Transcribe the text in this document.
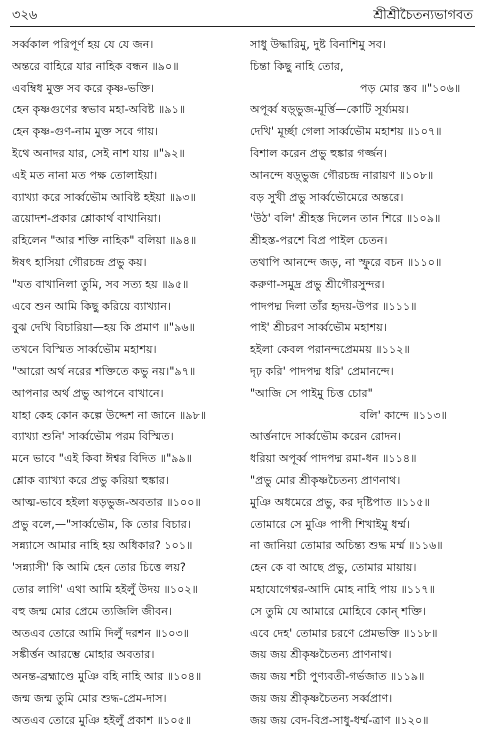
৩২৬	শ্রীশ্রীচৈতন্যভাগবত
সর্ব্বকাল পরিপূর্ণ হয় যে যে জন।
অন্তরে বাহিরে যার নাহিক বন্ধন ॥৯০॥
এবম্বিধ মুক্ত সব করে কৃষ্ণ-ভক্তি।
হেন কৃষ্ণগুণের স্বভাব মহা-অবিষ্ট ॥৯১॥
হেন কৃষ্ণ-গুণ-নাম মুক্ত সবে গায়।
ইথে অনাদর যার, সেই নাশ যায় ॥"৯২॥
এই মত নানা মত পক্ষ তোলাইয়া।
ব্যাখ্যা করে সার্ব্বভৌম আবিষ্ট হইয়া ॥৯৩॥
ত্রয়োদশ-প্রকার শ্লোকার্থ বাখানিয়া।
রহিলেন "আর শক্তি নাহিক" বলিয়া ॥৯৪॥
ঈষৎ হাসিয়া গৌরচন্দ্র প্রভু কয়।
"যত বাখানিলা তুমি, সব সত্য হয় ॥৯৫॥
এবে শুন আমি কিছু করিয়ে ব্যাখ্যান।
বুঝ দেখি বিচারিয়া—হয় কি প্রমাণ ॥"৯৬॥
তখনে বিস্মিত সার্ব্বভৌম মহাশয়।
"আরো অর্থ নরের শক্তিতে কভু নয়।"৯৭॥
আপনার অর্থ প্রভু আপনে বাখানে।
যাহা কেহ কোন কল্পে উদ্দেশ না জানে ॥৯৮॥
ব্যাখ্যা শুনি' সার্ব্বভৌম পরম বিস্মিত।
মনে ভাবে "এই কিবা ঈশ্বর বিদিত ॥"৯৯॥
শ্লোক ব্যাখ্যা করে প্রভু করিয়া হুঙ্কার।
আত্ম-ভাবে হইলা ষড়ভুজ-অবতার ॥১০০॥
প্রভু বলে,—"সার্ব্বভৌম, কি তোর বিচার।
সন্ন্যাসে আমার নাহি হয় অধিকার? ১০১॥
'সন্ন্যাসী' কি আমি হেন তোর চিত্তে লয়?
তোর লাগি' এথা আমি হইলুঁ উদয় ॥১০২॥
বহু জন্ম মোর প্রেমে ত্যজিলি জীবন।
অতএব তোরে আমি দিলুঁ দরশন ॥১০৩॥
সঙ্কীর্ত্তন আরম্ভে মোহার অবতার।
অনন্ত-ব্রহ্মাণ্ডে মুঞি বহি নাহি আর ॥১০৪॥
জন্ম জন্ম তুমি মোর শুদ্ধ-প্রেম-দাস।
অতএব তোরে মুঞি হইলুঁ প্রকাশ ॥১০৫॥
সাধু উদ্ধারিমু, দুষ্ট বিনাশিমু সব।
চিন্তা কিছু নাহি তোর,
পড় মোর স্তব ॥"১০৬॥
অপূর্ব্ব ষড়্ভুজ-মূর্ত্তি—কোটি সূর্য্যময়।
দেখি' মূর্চ্ছা গেলা সার্ব্বভৌম মহাশয় ॥১০৭॥
বিশাল করেন প্রভু হুঙ্কার গর্জ্জন।
আনন্দে ষড়্ভুজ গৌরচন্দ্র নারায়ণ ॥১০৮॥
বড় সুখী প্রভু সার্ব্বভৌমেরে অন্তরে।
'উঠ' বলি' শ্রীহস্ত দিলেন তান শিরে ॥১০৯॥
শ্রীহস্ত-পরশে বিপ্র পাইল চেতন।
তথাপি আনন্দে জড়, না স্ফুরে বচন ॥১১০॥
করুণা-সমুদ্র প্রভু শ্রীগৌরসুন্দর।
পাদপদ্ম দিলা তাঁর হৃদয়-উপর ॥১১১॥
পাই' শ্রীচরণ সার্ব্বভৌম মহাশয়।
হইলা কেবল পরানন্দপ্রেমময় ॥১১২॥
দৃঢ় করি' পাদপদ্ম ধরি' প্রেমানন্দে।
"আজি সে পাইমু চিত্ত চোর"
বলি' কান্দে ॥১১৩॥
আর্ত্তনাদে সার্ব্বভৌম করেন রোদন।
ধরিয়া অপূর্ব্ব পাদপদ্ম রমা-ধন ॥১১৪॥
"প্রভু মোর শ্রীকৃষ্ণচৈতন্য প্রাণনাথ।
মুঞি অধমেরে প্রভু, কর দৃষ্টিপাত ॥১১৫॥
তোমারে সে মুঞি পাপী শিখাইমু ধর্ম্ম।
না জানিয়া তোমার অচিন্ত্য শুদ্ধ মর্ম্ম ॥১১৬॥
হেন কে বা আছে প্রভু, তোমার মায়ায়।
মহাযোগেশ্বর-আদি মোহ নাহি পায় ॥১১৭॥
সে তুমি যে আমারে মোহিবে কোন্ শক্তি।
এবে দেহ' তোমার চরণে প্রেমভক্তি ॥১১৮॥
জয় জয় শ্রীকৃষ্ণচৈতন্য প্রাণনাথ।
জয় জয় শচী পুণ্যবতী-গর্ভজাত ॥১১৯॥
জয় জয় শ্রীকৃষ্ণচৈতন্য সর্ব্বপ্রাণ।
জয় জয় বেদ-বিপ্র-সাধু-ধর্ম্ম-ত্রাণ ॥১২০॥
